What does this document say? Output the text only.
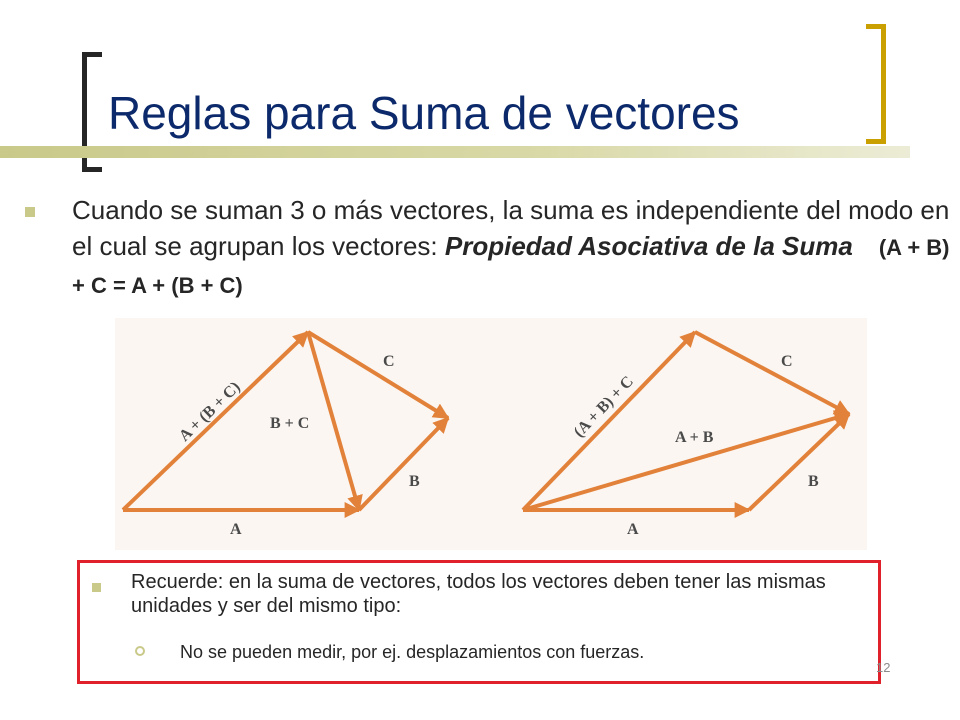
Reglas para Suma de vectores
Cuando se suman 3 o más vectores, la suma es independiente del modo en el cual se agrupan los vectores: Propiedad Asociativa de la Suma (A + B) + C = A + (B + C)
A
B
C
B + C
A + (B + C)
A
B
C
A + B
(A + B) + C
Recuerde: en la suma de vectores, todos los vectores deben tener las mismas unidades y ser del mismo tipo:
No se pueden medir, por ej. desplazamientos con fuerzas.
12
